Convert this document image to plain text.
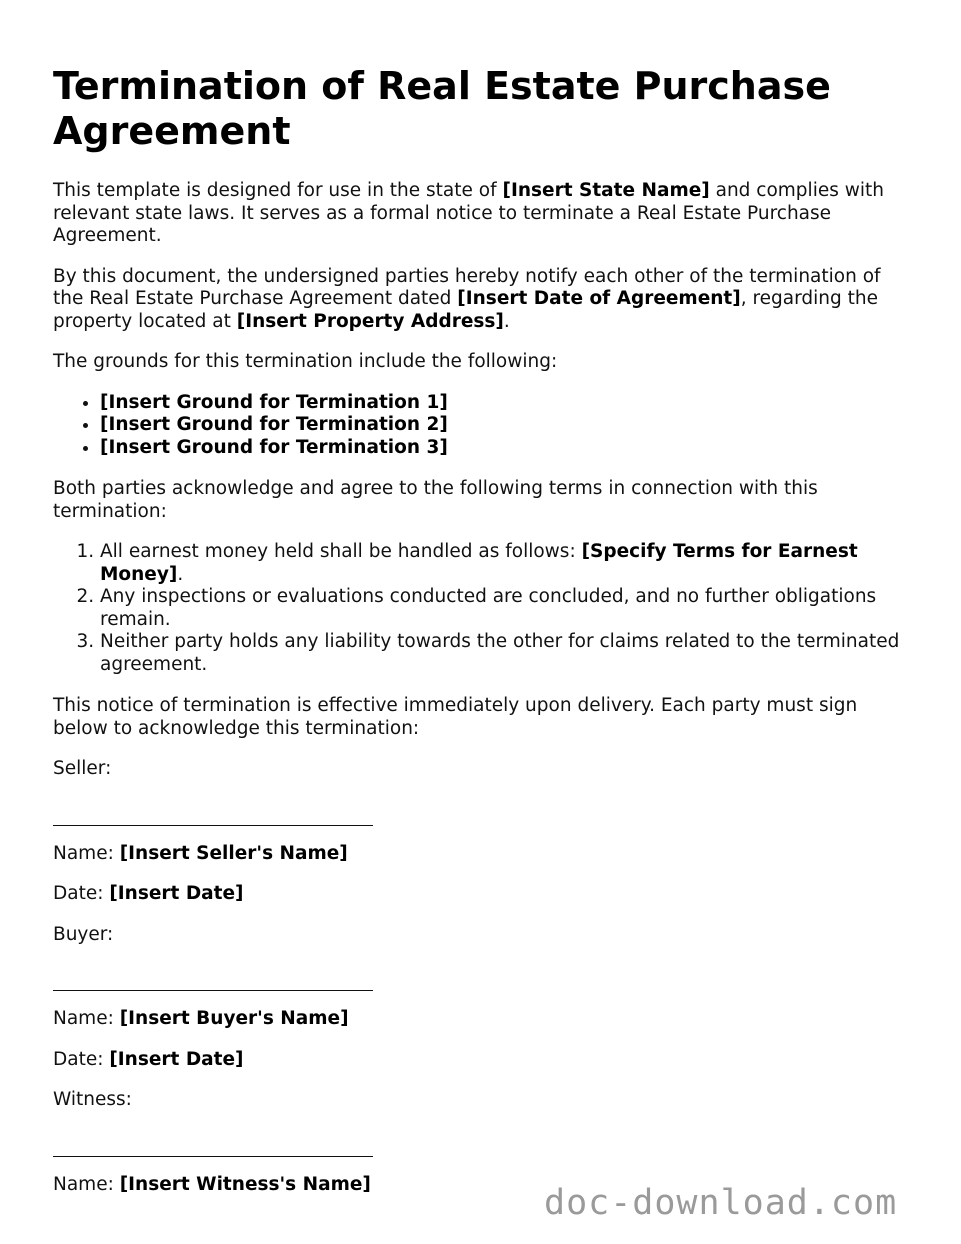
Termination of Real Estate Purchase Agreement

This template is designed for use in the state of [Insert State Name] and complies with relevant state laws. It serves as a formal notice to terminate a Real Estate Purchase Agreement.

By this document, the undersigned parties hereby notify each other of the termination of the Real Estate Purchase Agreement dated [Insert Date of Agreement], regarding the property located at [Insert Property Address].

The grounds for this termination include the following:

• [Insert Ground for Termination 1]
• [Insert Ground for Termination 2]
• [Insert Ground for Termination 3]

Both parties acknowledge and agree to the following terms in connection with this termination:

1. All earnest money held shall be handled as follows: [Specify Terms for Earnest Money].
2. Any inspections or evaluations conducted are concluded, and no further obligations remain.
3. Neither party holds any liability towards the other for claims related to the terminated agreement.

This notice of termination is effective immediately upon delivery. Each party must sign below to acknowledge this termination:

Seller:

Name: [Insert Seller's Name]

Date: [Insert Date]

Buyer:

Name: [Insert Buyer's Name]

Date: [Insert Date]

Witness:

Name: [Insert Witness's Name]	doc-download.com
